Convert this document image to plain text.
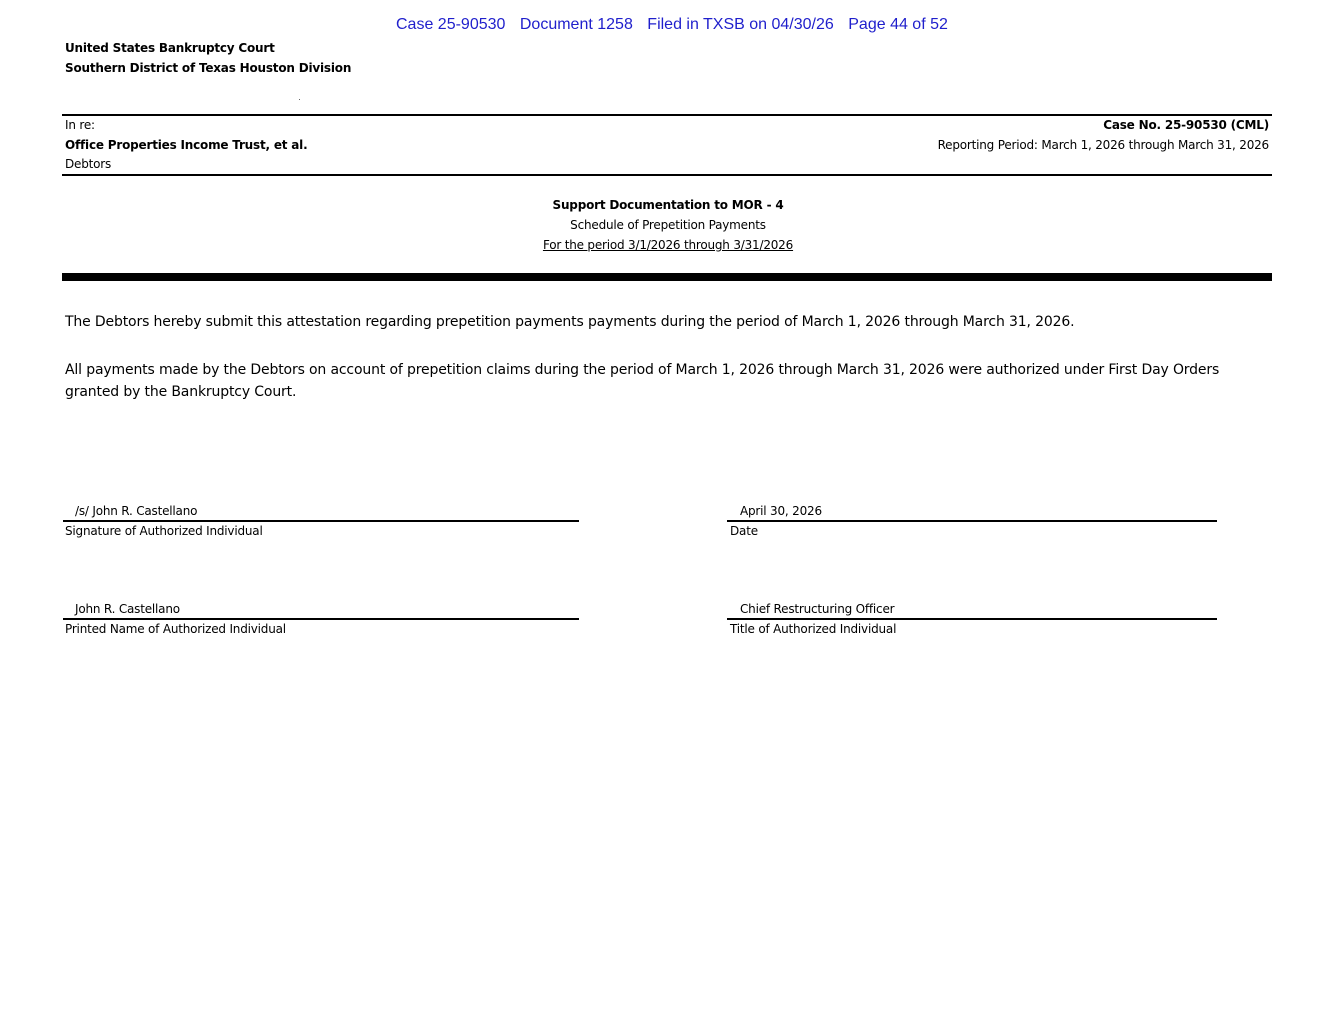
Case 25-90530 Document 1258 Filed in TXSB on 04/30/26 Page 44 of 52
United States Bankruptcy Court
Southern District of Texas Houston Division
In re:
Office Properties Income Trust, et al.
Debtors
Case No. 25-90530 (CML)
Reporting Period: March 1, 2026 through March 31, 2026
Support Documentation to MOR - 4
Schedule of Prepetition Payments
For the period 3/1/2026 through 3/31/2026
The Debtors hereby submit this attestation regarding prepetition payments payments during the period of March 1, 2026 through March 31, 2026.
All payments made by the Debtors on account of prepetition claims during the period of March 1, 2026 through March 31, 2026 were authorized under First Day Orders granted by the Bankruptcy Court.
/s/ John R. Castellano
Signature of Authorized Individual
April 30, 2026
Date
John R. Castellano
Printed Name of Authorized Individual
Chief Restructuring Officer
Title of Authorized Individual
